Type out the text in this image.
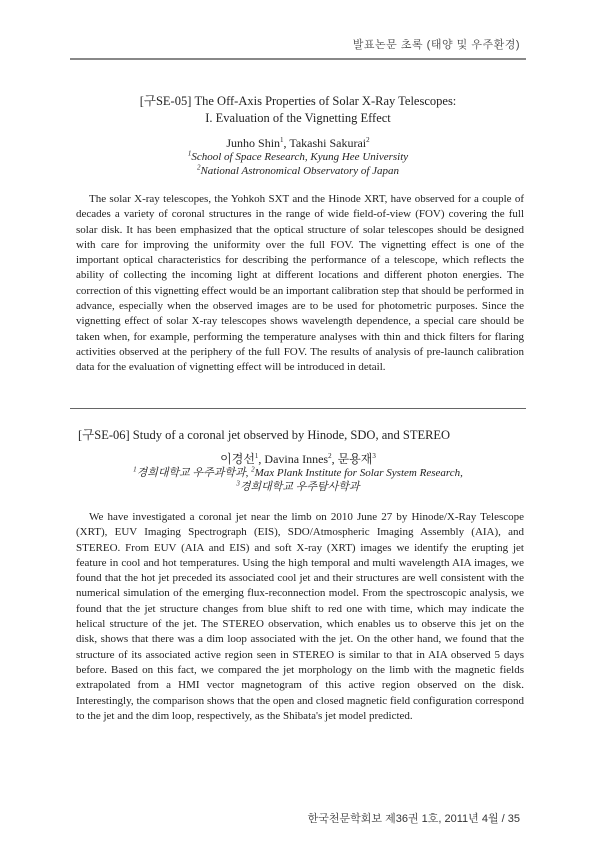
발표논문 초록 (태양 및 우주환경)
[구SE-05] The Off-Axis Properties of Solar X-Ray Telescopes:
I. Evaluation of the Vignetting Effect
Junho Shin$^1$, Takashi Sakurai$^2$
$^1$School of Space Research, Kyung Hee University
$^2$National Astronomical Observatory of Japan

The solar X-ray telescopes, the Yohkoh SXT and the Hinode XRT, have observed for a couple of decades a variety of coronal structures in the range of wide field-of-view (FOV) covering the full solar disk. It has been emphasized that the optical structure of solar telescopes should be designed with care for improving the uniformity over the full FOV. The vignetting effect is one of the important optical characteristics for describing the performance of a telescope, which reflects the ability of collecting the incoming light at different locations and different photon energies. The correction of this vignetting effect would be an important calibration step that should be performed in advance, especially when the observed images are to be used for photometric purposes. Since the vignetting effect of solar X-ray telescopes shows wavelength dependence, a special care should be taken when, for example, performing the temperature analyses with thin and thick filters for flaring activities observed at the periphery of the full FOV. The results of analysis of pre-launch calibration data for the evaluation of vignetting effect will be introduced in detail.

[구SE-06] Study of a coronal jet observed by Hinode, SDO, and STEREO
이경선$^1$, Davina Innes$^2$, 문용재$^3$
$^1$경희대학교 우주과학과, $^2$Max Plank Institute for Solar System Research,
$^3$경희대학교 우주탐사학과

We have investigated a coronal jet near the limb on 2010 June 27 by Hinode/X-Ray Telescope (XRT), EUV Imaging Spectrograph (EIS), SDO/Atmospheric Imaging Assembly (AIA), and STEREO. From EUV (AIA and EIS) and soft X-ray (XRT) images we identify the erupting jet feature in cool and hot temperatures. Using the high temporal and multi wavelength AIA images, we found that the hot jet preceded its associated cool jet and their structures are well consistent with the numerical simulation of the emerging flux-reconnection model. From the spectroscopic analysis, we found that the jet structure changes from blue shift to red one with time, which may indicate the helical structure of the jet. The STEREO observation, which enables us to observe this jet on the disk, shows that there was a dim loop associated with the jet. On the other hand, we found that the structure of its associated active region seen in STEREO is similar to that in AIA observed 5 days before. Based on this fact, we compared the jet morphology on the limb with the magnetic fields extrapolated from a HMI vector magnetogram of this active region observed on the disk. Interestingly, the comparison shows that the open and closed magnetic field configuration correspond to the jet and the dim loop, respectively, as the Shibata's jet model predicted.

한국천문학회보 제36권 1호, 2011년 4월 / 35
